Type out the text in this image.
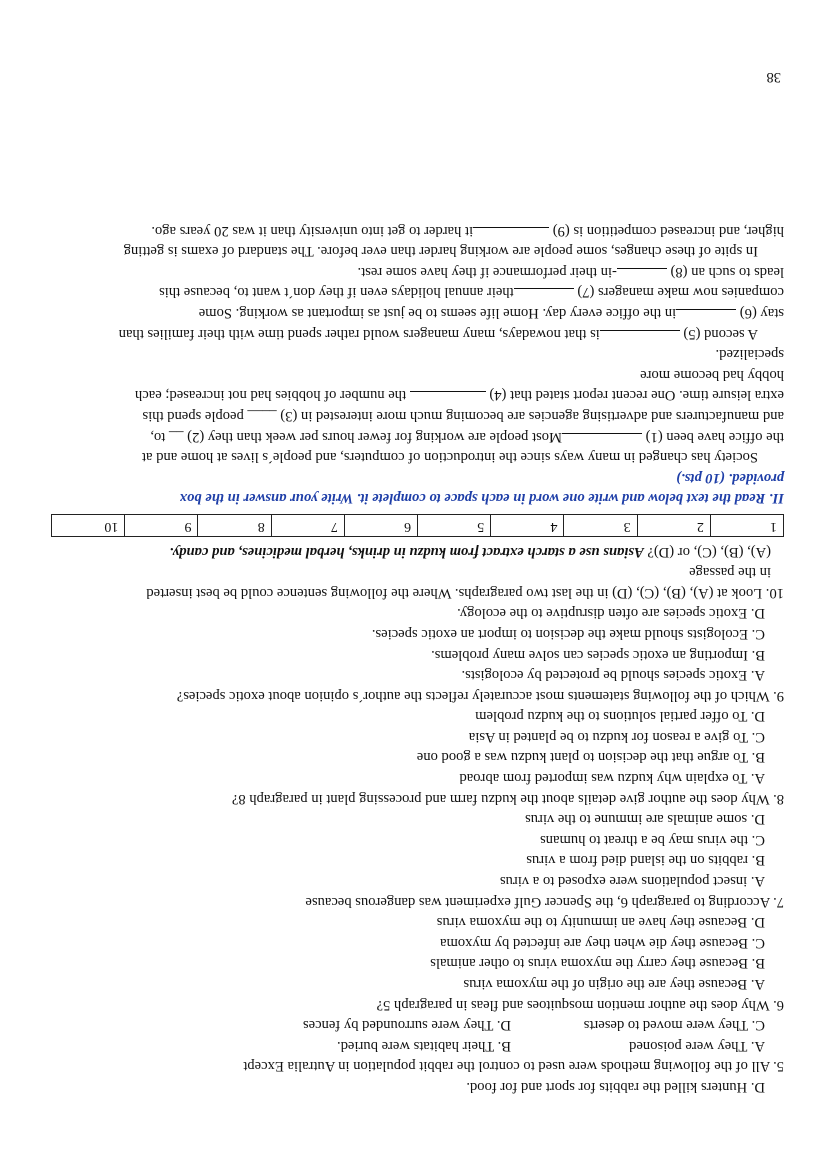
D. Hunters killed the rabbits for sport and for food.

5. All of the following methods were used to control the rabbit population in Autralia Except

A. They were poisoned
B. Their habitats were buried.
C. They were moved to deserts
D. They were surrounded by fences

6. Why does the author mention mosquitoes and fleas in paragraph 5?

A. Because they are the origin of the myxoma virus

B. Because they carry the myxoma virus to other animals

C. Because they die when they are infected by myxoma

D. Because they have an immunity to the myxoma virus

7. According to paragraph 6, the Spencer Gulf experiment was dangerous because

A. insect populations were exposed to a virus

B. rabbits on the island died from a virus

C. the virus may be a threat to humans

D. some animals are immune to the virus

8. Why does the author give details about the kudzu farm and processing plant in paragraph 8?

A. To explain why kudzu was imported from abroad

B. To argue that the decision to plant kudzu was a good one

C. To give a reason for kudzu to be planted in Asia

D. To offer partial solutions to the kudzu problem

9. Which of the following statements most accurately reflects the author´s opinion about exotic species?

A. Exotic species should be protected by ecologists.

B. Importing an exotic species can solve many problems.

C. Ecologists should make the decision to import an exotic species.

D. Exotic species are often disruptive to the ecology.

10. Look at (A), (B), (C), (D) in the last two paragraphs. Where the following sentence could be best inserted

in the passage

(A), (B), (C), or (D)? Asians use a starch extract from kudzu in drinks, herbal medicines, and candy.

1	2	3	4	5	6	7	8	9	10

II. Read the text below and write one word in each space to complete it. Write your answer in the box

provided. (10 pts.)

Society has changed in many ways since the introduction of computers, and people´s lives at home and at

the office have been (1) Most people are working for fewer hours per week than they (2) __ to,

and manufacturers and advertising agencies are becoming much more interested in (3) ____ people spend this

extra leisure time. One recent report stated that (4)  the number of hobbies had not increased; each

hobby had become more

specialized.

A second (5) is that nowadays, many managers would rather spend time with their families than

stay (6) in the office every day. Home life seems to be just as important as working. Some

companies now make managers (7) their annual holidays even if they don´t want to, because this

leads to such an (8) -in their performance if they have some rest.

In spite of these changes, some people are working harder than ever before. The standard of exams is getting

higher, and increased competition is (9) it harder to get into university than it was 20 years ago.

38
